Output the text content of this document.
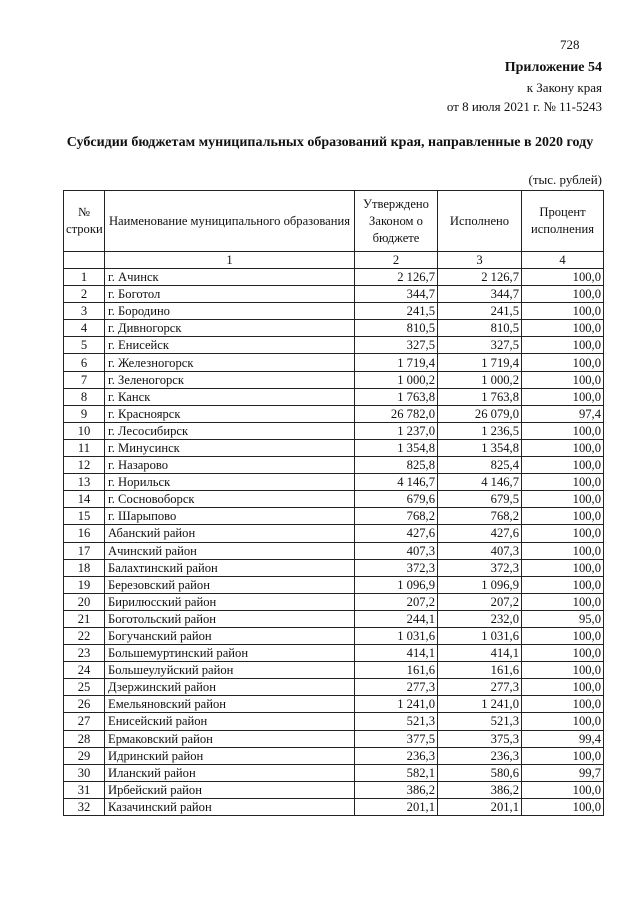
728
Приложение 54
к Закону края
от 8 июля 2021 г. № 11-5243
Субсидии бюджетам муниципальных образований края, направленные в 2020 году
(тыс. рублей)
№ строки	Наименование муниципального образования	Утверждено Законом о бюджете	Исполнено	Процент исполнения
	1	2	3	4
1	г. Ачинск	2 126,7	2 126,7	100,0
2	г. Боготол	344,7	344,7	100,0
3	г. Бородино	241,5	241,5	100,0
4	г. Дивногорск	810,5	810,5	100,0
5	г. Енисейск	327,5	327,5	100,0
6	г. Железногорск	1 719,4	1 719,4	100,0
7	г. Зеленогорск	1 000,2	1 000,2	100,0
8	г. Канск	1 763,8	1 763,8	100,0
9	г. Красноярск	26 782,0	26 079,0	97,4
10	г. Лесосибирск	1 237,0	1 236,5	100,0
11	г. Минусинск	1 354,8	1 354,8	100,0
12	г. Назарово	825,8	825,4	100,0
13	г. Норильск	4 146,7	4 146,7	100,0
14	г. Сосновоборск	679,6	679,5	100,0
15	г. Шарыпово	768,2	768,2	100,0
16	Абанский район	427,6	427,6	100,0
17	Ачинский район	407,3	407,3	100,0
18	Балахтинский район	372,3	372,3	100,0
19	Березовский район	1 096,9	1 096,9	100,0
20	Бирилюсский район	207,2	207,2	100,0
21	Боготольский район	244,1	232,0	95,0
22	Богучанский район	1 031,6	1 031,6	100,0
23	Большемуртинский район	414,1	414,1	100,0
24	Большеулуйский район	161,6	161,6	100,0
25	Дзержинский район	277,3	277,3	100,0
26	Емельяновский район	1 241,0	1 241,0	100,0
27	Енисейский район	521,3	521,3	100,0
28	Ермаковский район	377,5	375,3	99,4
29	Идринский район	236,3	236,3	100,0
30	Иланский район	582,1	580,6	99,7
31	Ирбейский район	386,2	386,2	100,0
32	Казачинский район	201,1	201,1	100,0
